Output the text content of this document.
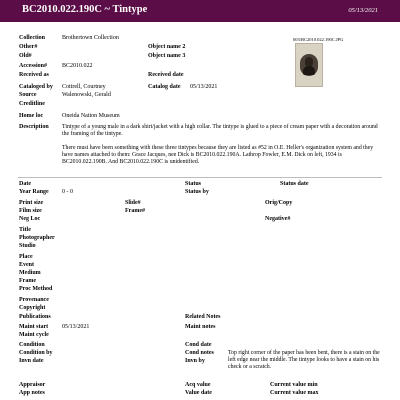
BC2010.022.190C ~ Tintype	05/13/2021
Collection	Brothertown Collection
Other#	Object name 2
Old#	Object name 3
Accession#	BC2010.022
Received as	Received date
Cataloged by Cottrell, Courtney
Walenowski, Gerald
Catalog date 05/13/2021
Source
Creditline
Home loc	Oneida Nation Museum
Description Tintype of a young male in a dark shirt/jacket with a high collar. The tintype is glued to a piece of cream paper with a decoration around the framing of the tintype.
There must have been something with these three tintypes because they are listed as #52 in O.E. Heller's organization system and they have names attached to them: Grace Jacques, nee Dick is BC2010.022.190A. Lathrop Fowler, E.M. Dick on left, 1934 is BC2010.022.190B. And BC2010.022.190C is unidentified.
003\BC2010.022.190C.JPG
Date	Status	Status date
Year Range 0 - 0	Status by
Print size	Slide#	Orig/Copy
Film size	Frame#
Neg Loc	Negative#
Title
Photographer
Studio
Place
Event
Medium
Frame
Proc Method
Provenance
Copyright
Publications	Related Notes
Maint start 05/13/2021	Maint notes
Maint cycle
Condition	Cond date
Condition by	Cond notes Top right corner of the paper has been bent, there is a stain on the left edge near the middle. The tintype looks to have a stain on his check or a scratch.
Invn date	Invn by
Appraisor	Acq value	Current value min
App notes	Value date	Current value max
